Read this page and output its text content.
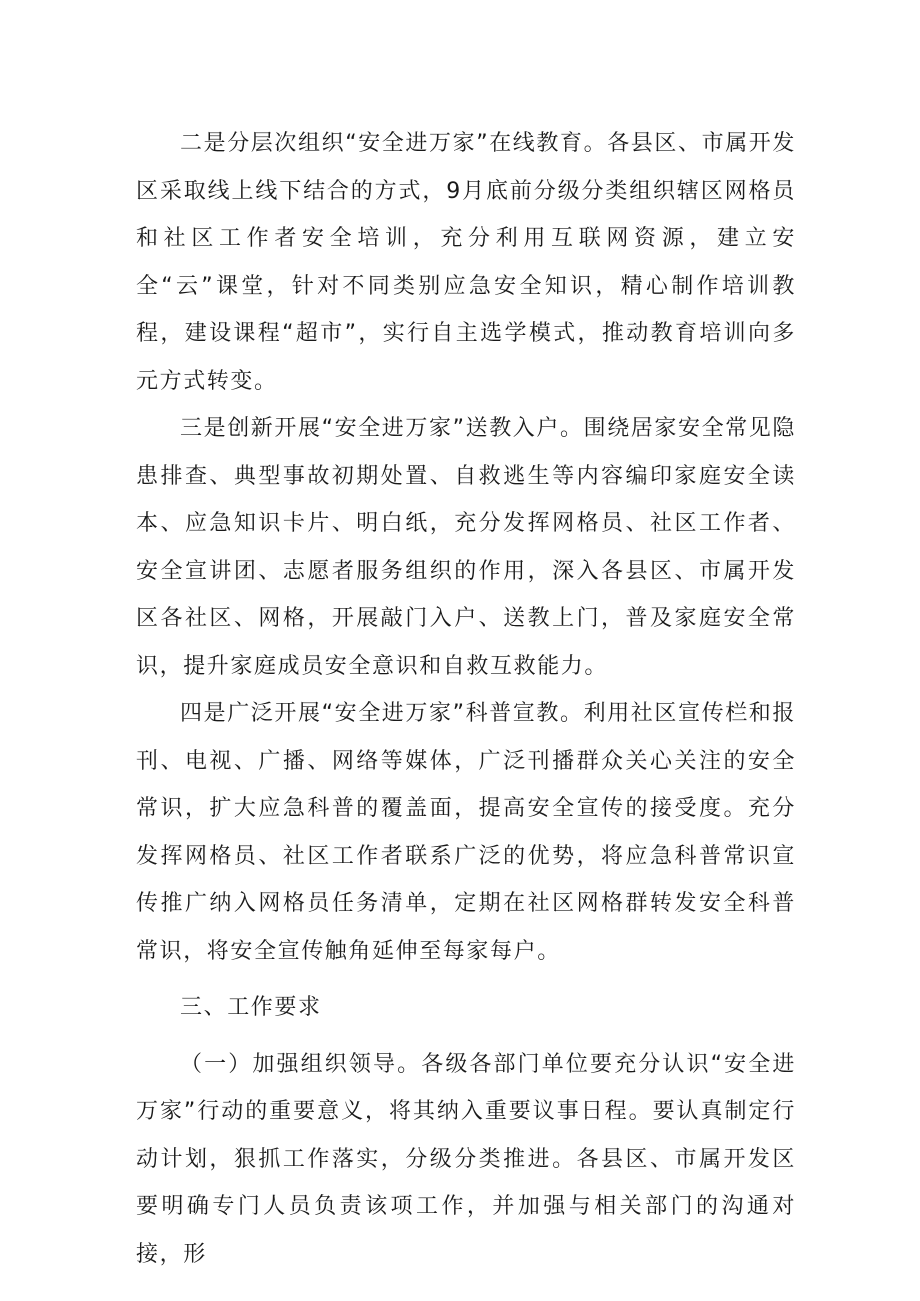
二是分层次组织“安全进万家”在线教育。各县区、市属开发区采取线上线下结合的方式，9月底前分级分类组织辖区网格员和社区工作者安全培训，充分利用互联网资源，建立安全“云”课堂，针对不同类别应急安全知识，精心制作培训教程，建设课程“超市”，实行自主选学模式，推动教育培训向多元方式转变。

三是创新开展“安全进万家”送教入户。围绕居家安全常见隐患排查、典型事故初期处置、自救逃生等内容编印家庭安全读本、应急知识卡片、明白纸，充分发挥网格员、社区工作者、安全宣讲团、志愿者服务组织的作用，深入各县区、市属开发区各社区、网格，开展敲门入户、送教上门，普及家庭安全常识，提升家庭成员安全意识和自救互救能力。

四是广泛开展“安全进万家”科普宣教。利用社区宣传栏和报刊、电视、广播、网络等媒体，广泛刊播群众关心关注的安全常识，扩大应急科普的覆盖面，提高安全宣传的接受度。充分发挥网格员、社区工作者联系广泛的优势，将应急科普常识宣传推广纳入网格员任务清单，定期在社区网格群转发安全科普常识，将安全宣传触角延伸至每家每户。

三、工作要求

（一）加强组织领导。各级各部门单位要充分认识“安全进万家”行动的重要意义，将其纳入重要议事日程。要认真制定行动计划，狠抓工作落实，分级分类推进。各县区、市属开发区要明确专门人员负责该项工作，并加强与相关部门的沟通对接，形
